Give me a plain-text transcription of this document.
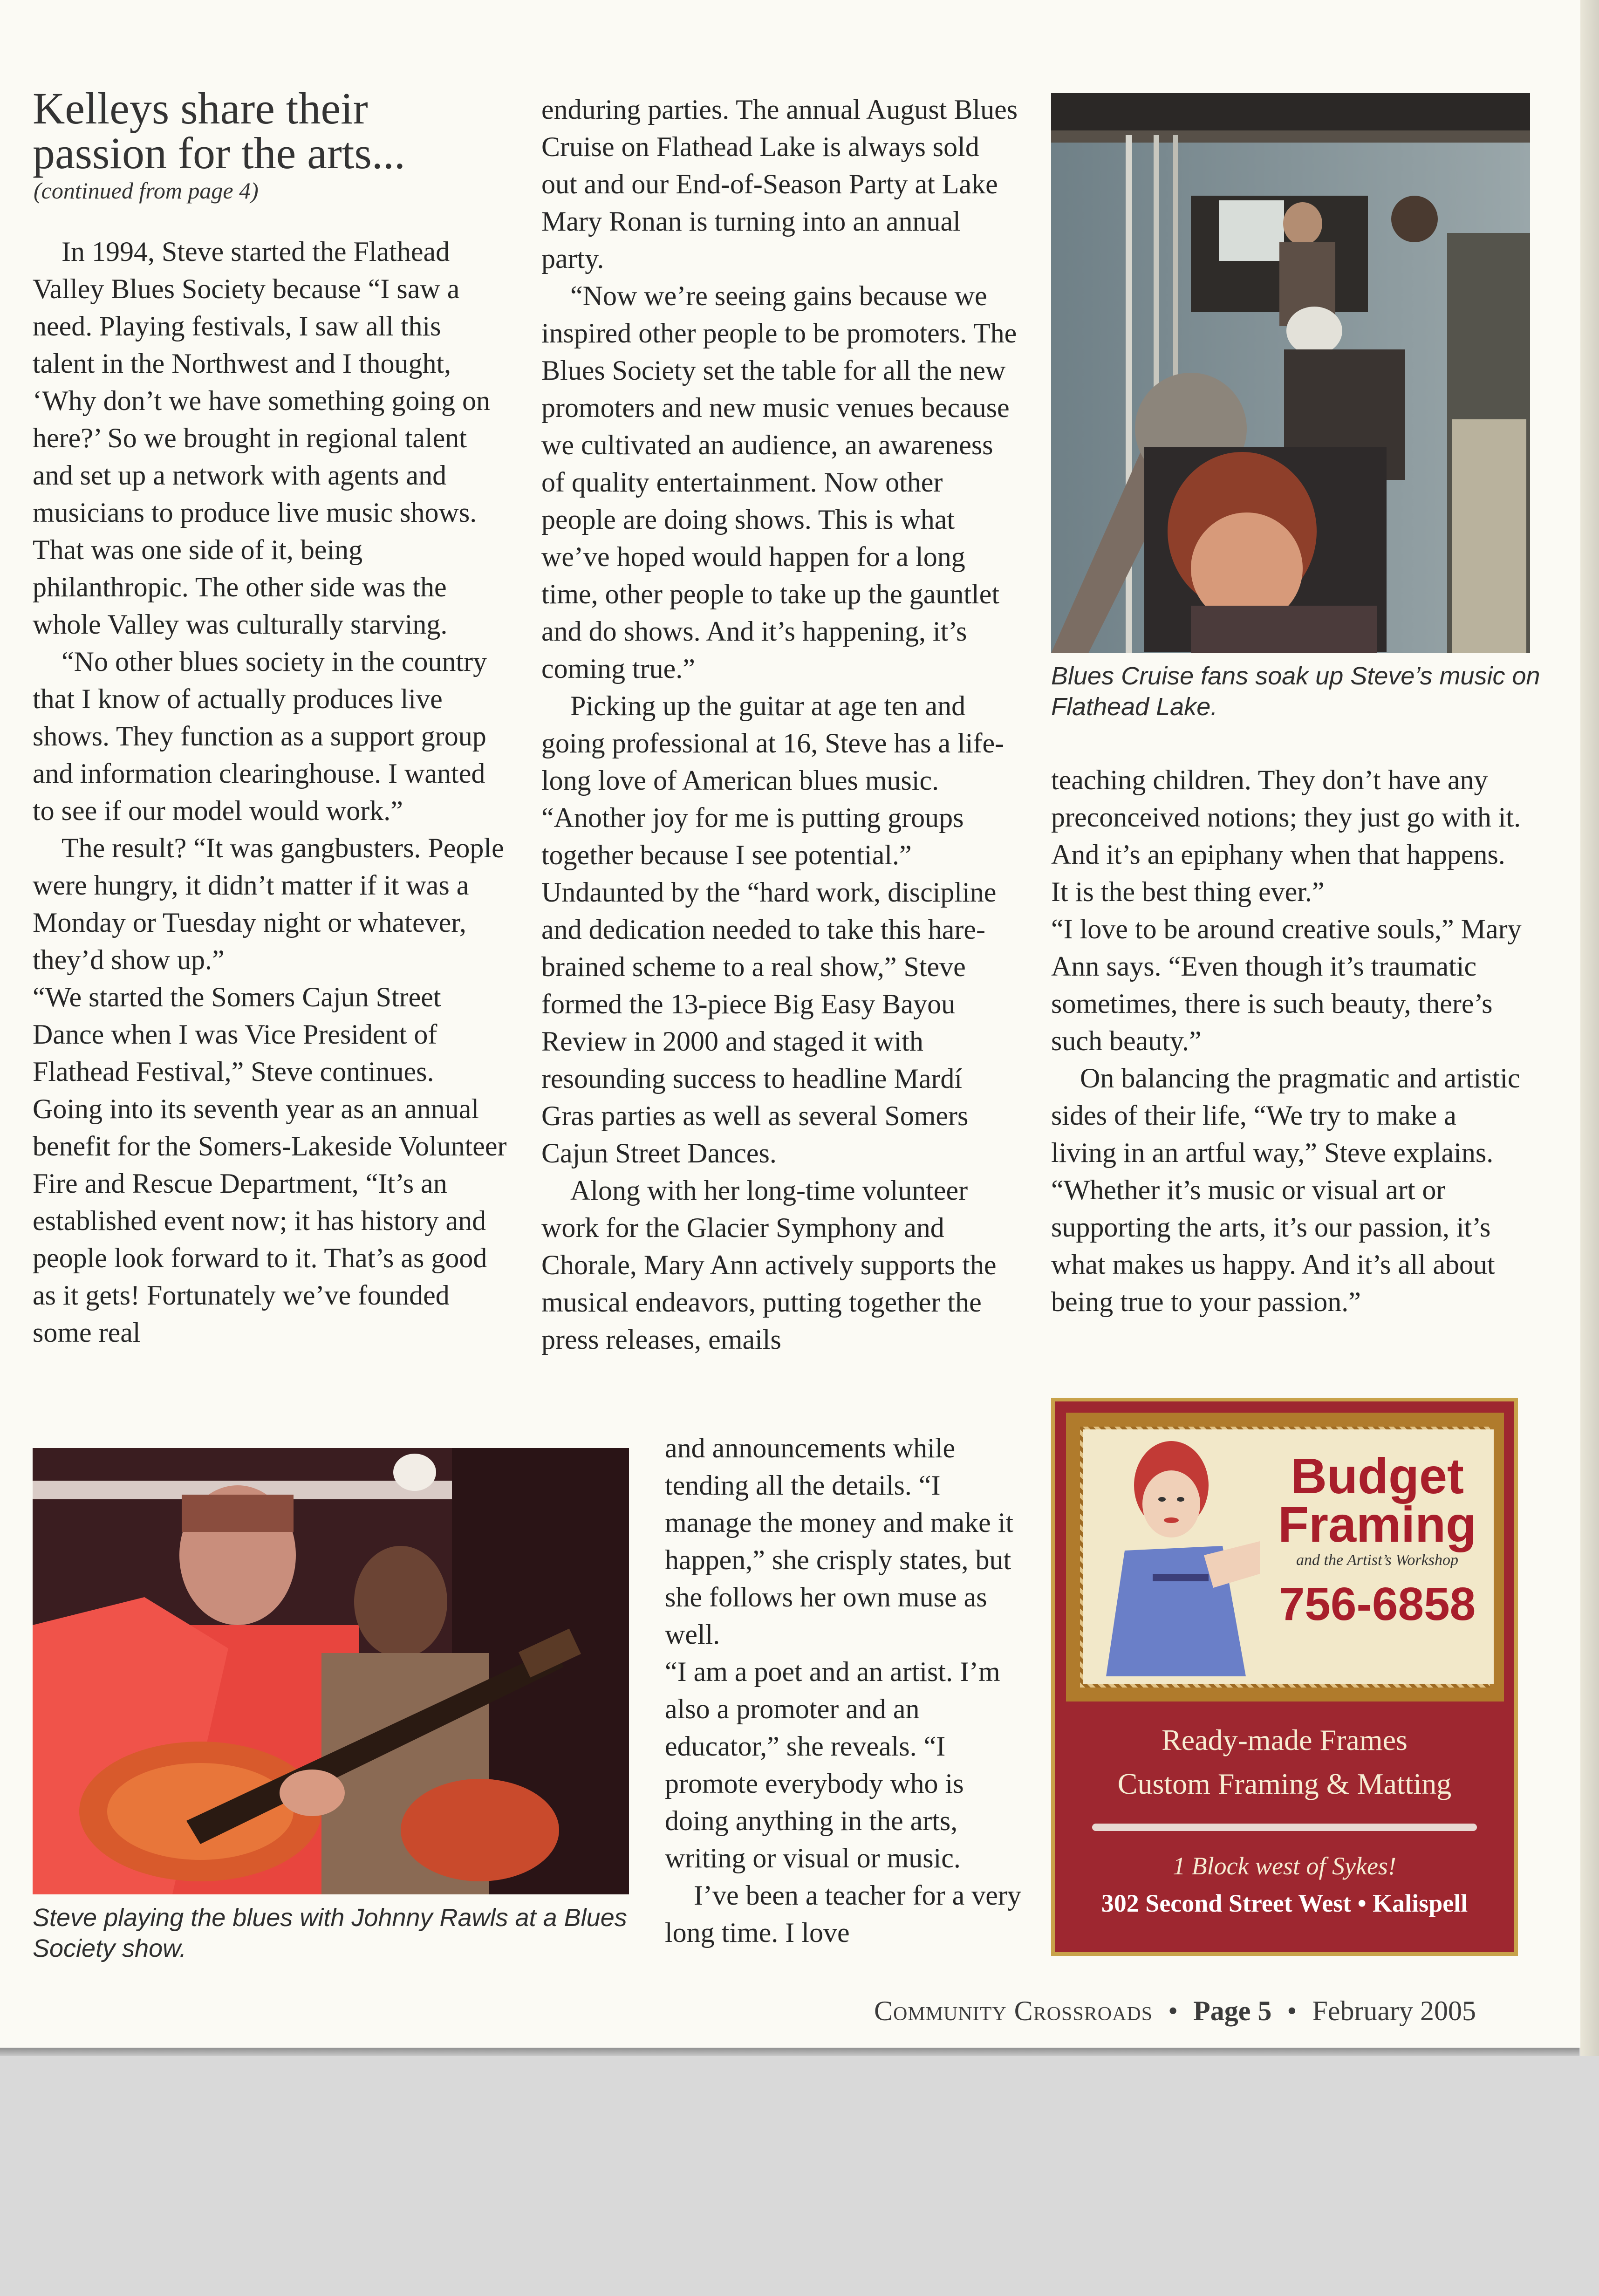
Kelleys share their passion for the arts...
(continued from page 4)

In 1994, Steve started the Flathead Valley Blues Society because “I saw a need. Playing festivals, I saw all this talent in the Northwest and I thought, ‘Why don’t we have something going on here?’ So we brought in regional talent and set up a network with agents and musicians to produce live music shows. That was one side of it, being philanthropic. The other side was the whole Valley was culturally starving.

“No other blues society in the country that I know of actually produces live shows. They function as a support group and information clearinghouse. I wanted to see if our model would work.”

The result? “It was gangbusters. People were hungry, it didn’t matter if it was a Monday or Tuesday night or whatever, they’d show up.”

“We started the Somers Cajun Street Dance when I was Vice President of Flathead Festival,” Steve continues. Going into its seventh year as an annual benefit for the Somers-Lakeside Volunteer Fire and Rescue Department, “It’s an established event now; it has history and people look forward to it. That’s as good as it gets! Fortunately we’ve founded some real

enduring parties. The annual August Blues Cruise on Flathead Lake is always sold out and our End-of-Season Party at Lake Mary Ronan is turning into an annual party.

“Now we’re seeing gains because we inspired other people to be promoters. The Blues Society set the table for all the new promoters and new music venues because we cultivated an audience, an awareness of quality entertainment. Now other people are doing shows. This is what we’ve hoped would happen for a long time, other people to take up the gauntlet and do shows. And it’s happening, it’s coming true.”

Picking up the guitar at age ten and going professional at 16, Steve has a life-long love of American blues music. “Another joy for me is putting groups together because I see potential.” Undaunted by the “hard work, discipline and dedication needed to take this hare-brained scheme to a real show,” Steve formed the 13-piece Big Easy Bayou Review in 2000 and staged it with resounding success to headline Mardí Gras parties as well as several Somers Cajun Street Dances.

Along with her long-time volunteer work for the Glacier Symphony and Chorale, Mary Ann actively supports the musical endeavors, putting together the press releases, emails

and announcements while tending all the details. “I manage the money and make it happen,” she crisply states, but she follows her own muse as well.

“I am a poet and an artist. I’m also a promoter and an educator,” she reveals. “I promote everybody who is doing anything in the arts, writing or visual or music.

I’ve been a teacher for a very long time. I love

teaching children. They don’t have any preconceived notions; they just go with it. And it’s an epiphany when that happens. It is the best thing ever.”

“I love to be around creative souls,” Mary Ann says. “Even though it’s traumatic sometimes, there is such beauty, there’s such beauty.”

On balancing the pragmatic and artistic sides of their life, “We try to make a living in an artful way,” Steve explains. “Whether it’s music or visual art or supporting the arts, it’s our passion, it’s what makes us happy. And it’s all about being true to your passion.”

Blues Cruise fans soak up Steve’s music on Flathead Lake.
Steve playing the blues with Johnny Rawls at a Blues Society show.
Budget Framing
and the Artist’s Workshop
756-6858
Ready-made Frames
Custom Framing & Matting
1 Block west of Sykes!
302 Second Street West • Kalispell
Community Crossroads • Page 5 • February 2005
